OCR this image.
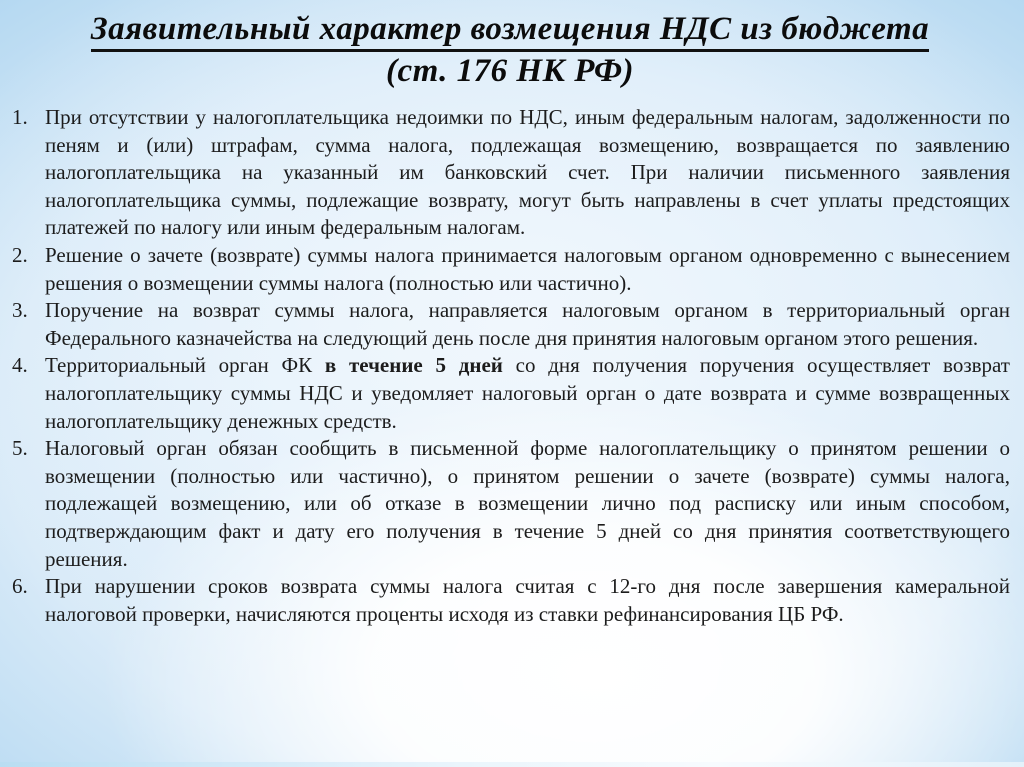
Заявительный характер возмещения НДС из бюджета
(ст. 176 НК РФ)
1. При отсутствии у налогоплательщика недоимки по НДС, иным федеральным налогам, задолженности по пеням и (или) штрафам, сумма налога, подлежащая возмещению, возвращается по заявлению налогоплательщика на указанный им банковский счет. При наличии письменного заявления налогоплательщика суммы, подлежащие возврату, могут быть направлены в счет уплаты предстоящих платежей по налогу или иным федеральным налогам.
2. Решение о зачете (возврате) суммы налога принимается налоговым органом одновременно с вынесением решения о возмещении суммы налога (полностью или частично).
3. Поручение на возврат суммы налога, направляется налоговым органом в территориальный орган Федерального казначейства на следующий день после дня принятия налоговым органом этого решения.
4. Территориальный орган ФК в течение 5 дней со дня получения поручения осуществляет возврат налогоплательщику суммы НДС и уведомляет налоговый орган о дате возврата и сумме возвращенных налогоплательщику денежных средств.
5. Налоговый орган обязан сообщить в письменной форме налогоплательщику о принятом решении о возмещении (полностью или частично), о принятом решении о зачете (возврате) суммы налога, подлежащей возмещению, или об отказе в возмещении лично под расписку или иным способом, подтверждающим факт и дату его получения в течение 5 дней со дня принятия соответствующего решения.
6. При нарушении сроков возврата суммы налога считая с 12-го дня после завершения камеральной налоговой проверки, начисляются проценты исходя из ставки рефинансирования ЦБ РФ.
